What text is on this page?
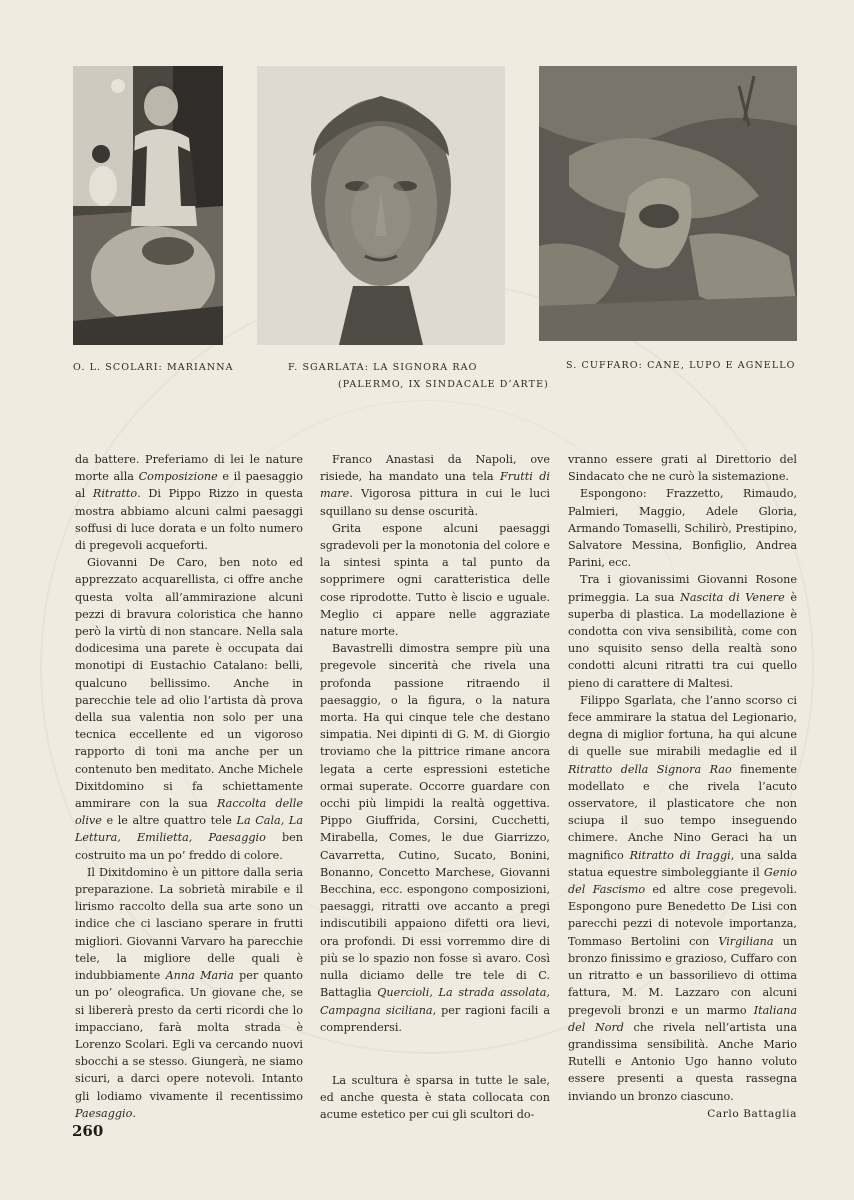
O. L. SCOLARI: MARIANNA	F. SGARLATA: LA SIGNORA RAO
(PALERMO, IX SINDACALE D’ARTE)
S. CUFFARO: CANE, LUPO E AGNELLO

da battere. Preferiamo di lei le nature morte alla Composizione e il paesaggio al Ritratto. Di Pippo Rizzo in questa mostra abbiamo alcuni calmi paesaggi soffusi di luce dorata e un folto numero di pregevoli acqueforti.

Giovanni De Caro, ben noto ed apprezzato acquarellista, ci offre anche questa volta all’ammirazione alcuni pezzi di bravura coloristica che hanno però la virtù di non stancare. Nella sala dodicesima una parete è occupata dai monotipi di Eustachio Catalano: belli, qualcuno bellissimo. Anche in parecchie tele ad olio l’artista dà prova della sua valentia non solo per una tecnica eccellente ed un vigoroso rapporto di toni ma anche per un contenuto ben meditato. Anche Michele Dixitdomino si fa schiettamente ammirare con la sua Raccolta delle olive e le altre quattro tele La Cala, La Lettura, Emilietta, Paesaggio ben costruito ma un po’ freddo di colore.

Il Dixitdomino è un pittore dalla seria preparazione. La sobrietà mirabile e il lirismo raccolto della sua arte sono un indice che ci lasciano sperare in frutti migliori. Giovanni Varvaro ha parecchie tele, la migliore delle quali è indubbiamente Anna Maria per quanto un po’ oleografica. Un giovane che, se si libererà presto da certi ricordi che lo impacciano, farà molta strada è Lorenzo Scolari. Egli va cercando nuovi sbocchi a se stesso. Giungerà, ne siamo sicuri, a darci opere notevoli. Intanto gli lodiamo vivamente il recentissimo Paesaggio.

Franco Anastasi da Napoli, ove risiede, ha mandato una tela Frutti di mare. Vigorosa pittura in cui le luci squillano su dense oscurità.

Grita espone alcuni paesaggi sgradevoli per la monotonia del colore e la sintesi spinta a tal punto da sopprimere ogni caratteristica delle cose riprodotte. Tutto è liscio e uguale. Meglio ci appare nelle aggraziate nature morte.

Bavastrelli dimostra sempre più una pregevole sincerità che rivela una profonda passione ritraendo il paesaggio, o la figura, o la natura morta. Ha qui cinque tele che destano simpatia. Nei dipinti di G. M. di Giorgio troviamo che la pittrice rimane ancora legata a certe espressioni estetiche ormai superate. Occorre guardare con occhi più limpidi la realtà oggettiva. Pippo Giuffrida, Corsini, Cucchetti, Mirabella, Comes, le due Giarrizzo, Cavarretta, Cutino, Sucato, Bonini, Bonanno, Concetto Marchese, Giovanni Becchina, ecc. espongono composizioni, paesaggi, ritratti ove accanto a pregi indiscutibili appaiono difetti ora lievi, ora profondi. Di essi vorremmo dire di più se lo spazio non fosse sì avaro. Così nulla diciamo delle tre tele di C. Battaglia Quercioli, La strada assolata, Campagna siciliana, per ragioni facili a comprendersi.

La scultura è sparsa in tutte le sale, ed anche questa è stata collocata con acume estetico per cui gli scultori do-

vranno essere grati al Direttorio del Sindacato che ne curò la sistemazione.

Espongono: Frazzetto, Rimaudo, Palmieri, Maggio, Adele Gloria, Armando Tomaselli, Schilirò, Prestipino, Salvatore Messina, Bonfiglio, Andrea Parini, ecc.

Tra i giovanissimi Giovanni Rosone primeggia. La sua Nascita di Venere è superba di plastica. La modellazione è condotta con viva sensibilità, come con uno squisito senso della realtà sono condotti alcuni ritratti tra cui quello pieno di carattere di Maltesi.

Filippo Sgarlata, che l’anno scorso ci fece ammirare la statua del Legionario, degna di miglior fortuna, ha qui alcune di quelle sue mirabili medaglie ed il Ritratto della Signora Rao finemente modellato e che rivela l’acuto osservatore, il plasticatore che non sciupa il suo tempo inseguendo chimere. Anche Nino Geraci ha un magnifico Ritratto di Iraggi, una salda statua equestre simboleggiante il Genio del Fascismo ed altre cose pregevoli. Espongono pure Benedetto De Lisi con parecchi pezzi di notevole importanza, Tommaso Bertolini con Virgiliana un bronzo finissimo e grazioso, Cuffaro con un ritratto e un bassorilievo di ottima fattura, M. M. Lazzaro con alcuni pregevoli bronzi e un marmo Italiana del Nord che rivela nell’artista una grandissima sensibilità. Anche Mario Rutelli e Antonio Ugo hanno voluto essere presenti a questa rassegna inviando un bronzo ciascuno.

Carlo Battaglia
260
